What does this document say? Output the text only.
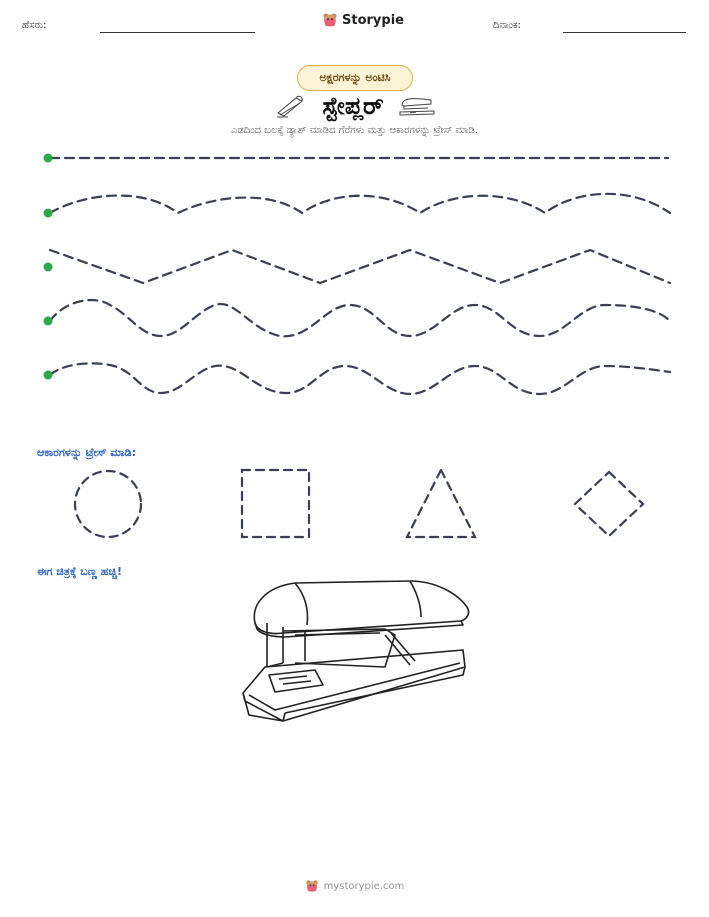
ಹೆಸರು:	Storypie	ದಿನಾಂಕ:
ಅಕ್ಷರಗಳನ್ನು ಅಂಟಿಸಿ
ಸ್ಟೇಪ್ಲರ್
ಎಡದಿಂದ ಬಲಕ್ಕೆ ಡ್ಯಾಶ್ ಮಾಡಿದ ಗೆರೆಗಳು ಮತ್ತು ಆಕಾರಗಳನ್ನು ಟ್ರೇಸ್ ಮಾಡಿ.
ಆಕಾರಗಳನ್ನು ಟ್ರೇಸ್ ಮಾಡಿ:
ಈಗ ಚಿತ್ರಕ್ಕೆ ಬಣ್ಣ ಹಚ್ಚಿ!
mystorypie.com
